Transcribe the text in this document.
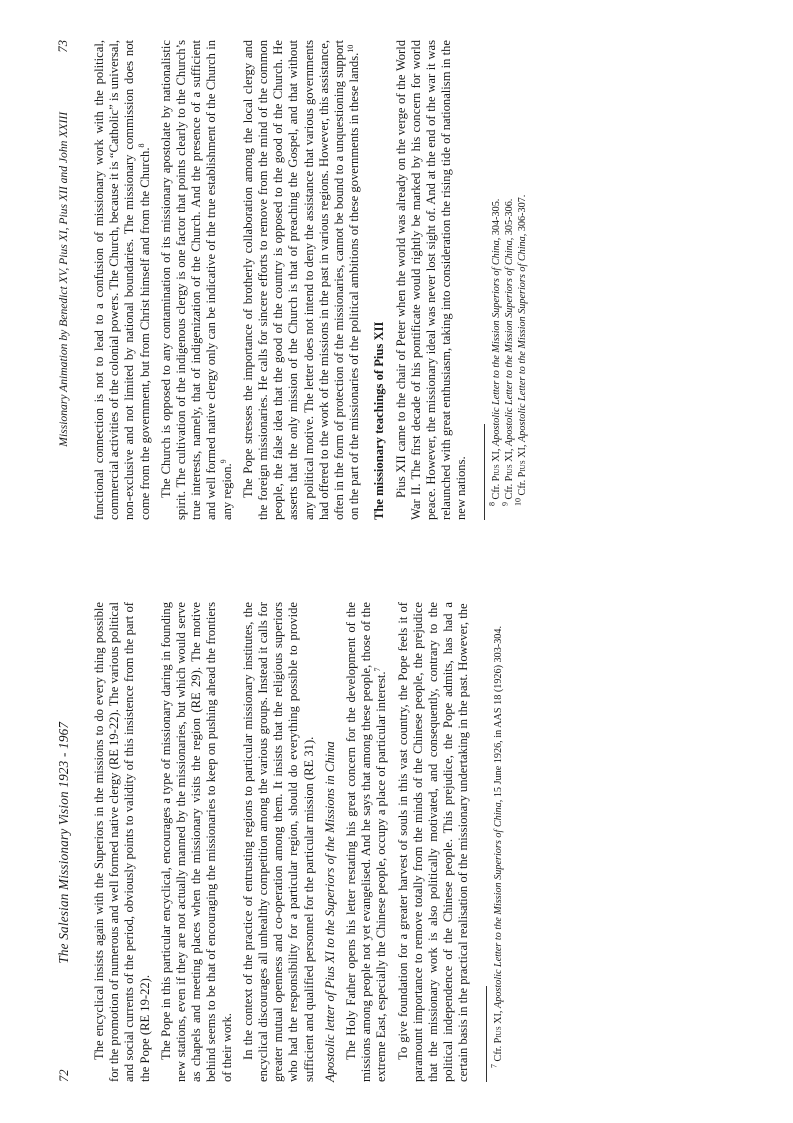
72
The Salesian Missionary Vision 1923 - 1967 The encyclical insists again with the Superiors in the missions to do every thing possible for the promotion of numerous and well formed native clergy (RE 19-22). The various political and social currents of the period, obviously points to validity of this insistence from the part of the Pope (RE 19-22). The Pope in this particular encyclical, encourages a type of missionary daring in founding new stations, even if they are not actually manned by the missionaries, but which would serve as chapels and meeting places when the missionary visits the region (RE 29). The motive behind seems to be that of encouraging the missionaries to keep on pushing ahead the frontiers of their work. In the context of the practice of entrusting regions to particular missionary institutes, the encyclical discourages all unhealthy competition among the various groups. Instead it calls for greater mutual openness and co-operation among them. It insists that the religious superiors who had the responsibility for a particular region, should do everything possible to provide sufficient and qualified personnel for the particular mission (RE 31). Apostolic letter of Pius XI to the Superiors of the Missions in China The Holy Father opens his letter restating his great concern for the development of the missions among people not yet evangelised. And he says that among these people, those of the extreme East, especially the Chinese people, occupy a place of particular interest.$^7$	To give foundation for a greater harvest of souls in this vast country, the Pope feels it of paramount importance to remove totally from the minds of the Chinese people, the prejudice that the missionary work is also politically motivated, and consequently, contrary to the political independence of the Chinese people. This prejudice, the Pope admits, has had a certain basis in the practical realisation of the missionary undertaking in the past. However, the $^7$ Cfr. Pius XI, Apostolic Letter to the Mission Superiors of China, 15 June 1926, in AAS 18 (1926) 303-304.

Missionary Animation by Benedict XV, Pius XI, Pius XII and John XXIII
73 functional connection is not to lead to a confusion of missionary work with the political, commercial activities of the colonial powers. The Church, because it is “Catholic” is universal, non-exclusive and not limited by national boundaries. The missionary commission does not come from the government, but from Christ himself and from the Church.$^8$	The Church is opposed to any contamination of its missionary apostolate by nationalistic spirit. The cultivation of the indigenous clergy is one factor that points clearly to the Church’s true interests, namely, that of indigenization of the Church. And the presence of a sufficient and well formed native clergy only can be indicative of the true establishment of the Church in any region.$^9$	The Pope stresses the importance of brotherly collaboration among the local clergy and the foreign missionaries. He calls for sincere efforts to remove from the mind of the common people, the false idea that the good of the country is opposed to the good of the Church. He asserts that the only mission of the Church is that of preaching the Gospel, and that without any political motive. The letter does not intend to deny the assistance that various governments had offered to the work of the missions in the past in various regions. However, this assistance, often in the form of protection of the missionaries, cannot be bound to a unquestioning support on the part of the missionaries of the political ambitions of these governments in these lands.$^{10}$

The missionary teachings of Pius XII Pius XII came to the chair of Peter when the world was already on the verge of the World War II. The first decade of his pontificate would rightly be marked by his concern for world peace. However, the missionary ideal was never lost sight of. And at the end of the war it was relaunched with great enthusiasm, taking into consideration the rising tide of nationalism in the new nations. $^8$ Cfr. Pius XI, Apostolic Letter to the Mission Superiors of China, 304-305.

$^9$ Cfr. Pius XI, Apostolic Letter to the Mission Superiors of China, 305-306.

$^{10}$ Cfr. Pius XI, Apostolic Letter to the Mission Superiors of China, 306-307.
